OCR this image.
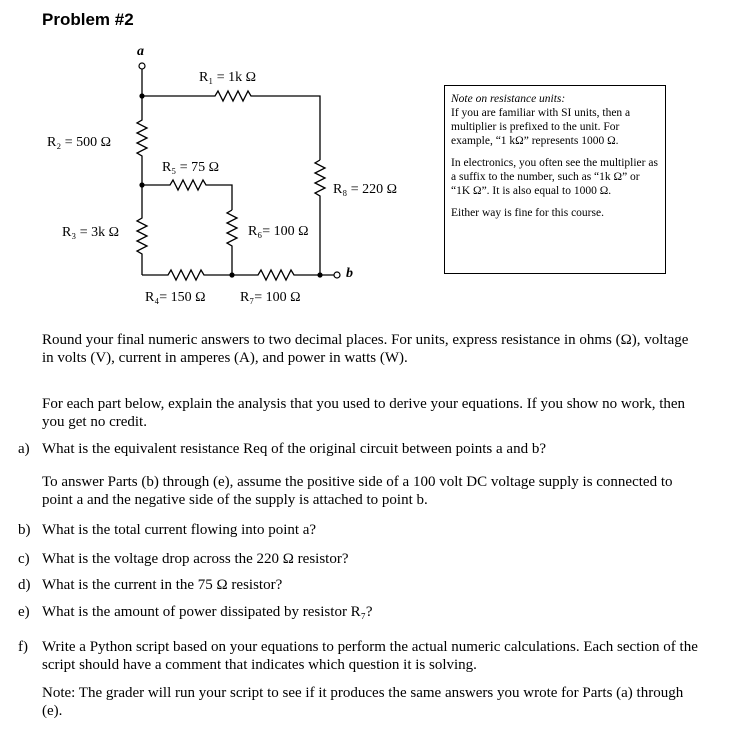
Problem #2
a
b
R₁ = 1k Ω
R₂ = 500 Ω
R₃ = 3k Ω
R₅ = 75 Ω
R₆= 100 Ω
R₈ = 220 Ω
R₄= 150 Ω R₇= 100 Ω

Note on resistance units:

If you are familiar with SI units, then a multiplier is prefixed to the unit. For example, “1 kΩ” represents 1000 Ω.

In electronics, you often see the multiplier as a suffix to the number, such as “1k Ω” or “1K Ω”. It is also equal to 1000 Ω.

Either way is fine for this course.

Round your final numeric answers to two decimal places. For units, express resistance in ohms (Ω), voltage in volts (V), current in amperes (A), and power in watts (W).
For each part below, explain the analysis that you used to derive your equations. If you show no work, then you get no credit.
a) What is the equivalent resistance Req of the original circuit between points a and b?
To answer Parts (b) through (e), assume the positive side of a 100 volt DC voltage supply is connected to point a and the negative side of the supply is attached to point b.
b) What is the total current flowing into point a?
c) What is the voltage drop across the 220 Ω resistor?
d) What is the current in the 75 Ω resistor?
e) What is the amount of power dissipated by resistor R₇?
f) Write a Python script based on your equations to perform the actual numeric calculations. Each section of the script should have a comment that indicates which question it is solving.
Note: The grader will run your script to see if it produces the same answers you wrote for Parts (a) through (e).
